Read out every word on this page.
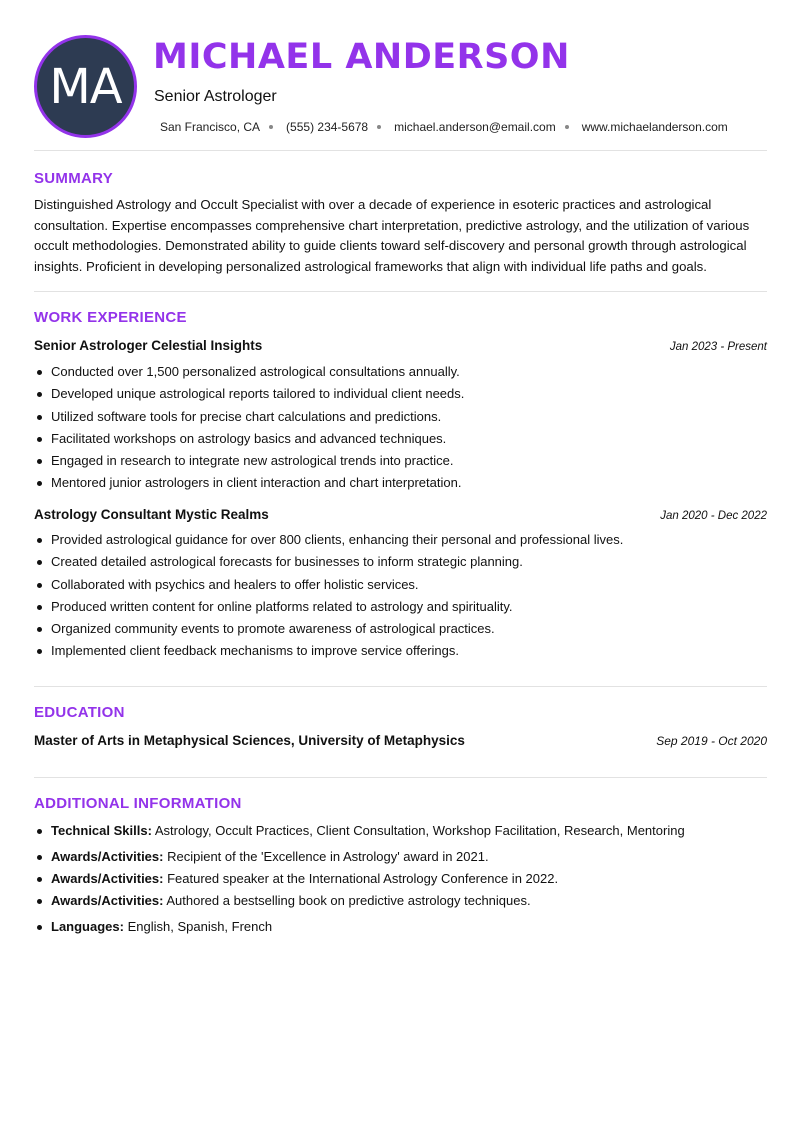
MA
MICHAEL ANDERSON
Senior Astrologer
San Francisco, CA (555) 234-5678 michael.anderson@email.com www.michaelanderson.com
SUMMARY

Distinguished Astrology and Occult Specialist with over a decade of experience in esoteric practices and astrological consultation. Expertise encompasses comprehensive chart interpretation, predictive astrology, and the utilization of various occult methodologies. Demonstrated ability to guide clients toward self-discovery and personal growth through astrological insights. Proficient in developing personalized astrological frameworks that align with individual life paths and goals.

WORK EXPERIENCE
Senior Astrologer Celestial Insights	Jan 2023 - Present
Conducted over 1,500 personalized astrological consultations annually.
Developed unique astrological reports tailored to individual client needs.
Utilized software tools for precise chart calculations and predictions.
Facilitated workshops on astrology basics and advanced techniques.
Engaged in research to integrate new astrological trends into practice.
Mentored junior astrologers in client interaction and chart interpretation.
Astrology Consultant Mystic Realms	Jan 2020 - Dec 2022
Provided astrological guidance for over 800 clients, enhancing their personal and professional lives.
Created detailed astrological forecasts for businesses to inform strategic planning.
Collaborated with psychics and healers to offer holistic services.
Produced written content for online platforms related to astrology and spirituality.
Organized community events to promote awareness of astrological practices.
Implemented client feedback mechanisms to improve service offerings.
EDUCATION
Master of Arts in Metaphysical Sciences, University of Metaphysics	Sep 2019 - Oct 2020
ADDITIONAL INFORMATION
Technical Skills: Astrology, Occult Practices, Client Consultation, Workshop Facilitation, Research, Mentoring
Awards/Activities: Recipient of the 'Excellence in Astrology' award in 2021.
Awards/Activities: Featured speaker at the International Astrology Conference in 2022.
Awards/Activities: Authored a bestselling book on predictive astrology techniques.
Languages: English, Spanish, French
